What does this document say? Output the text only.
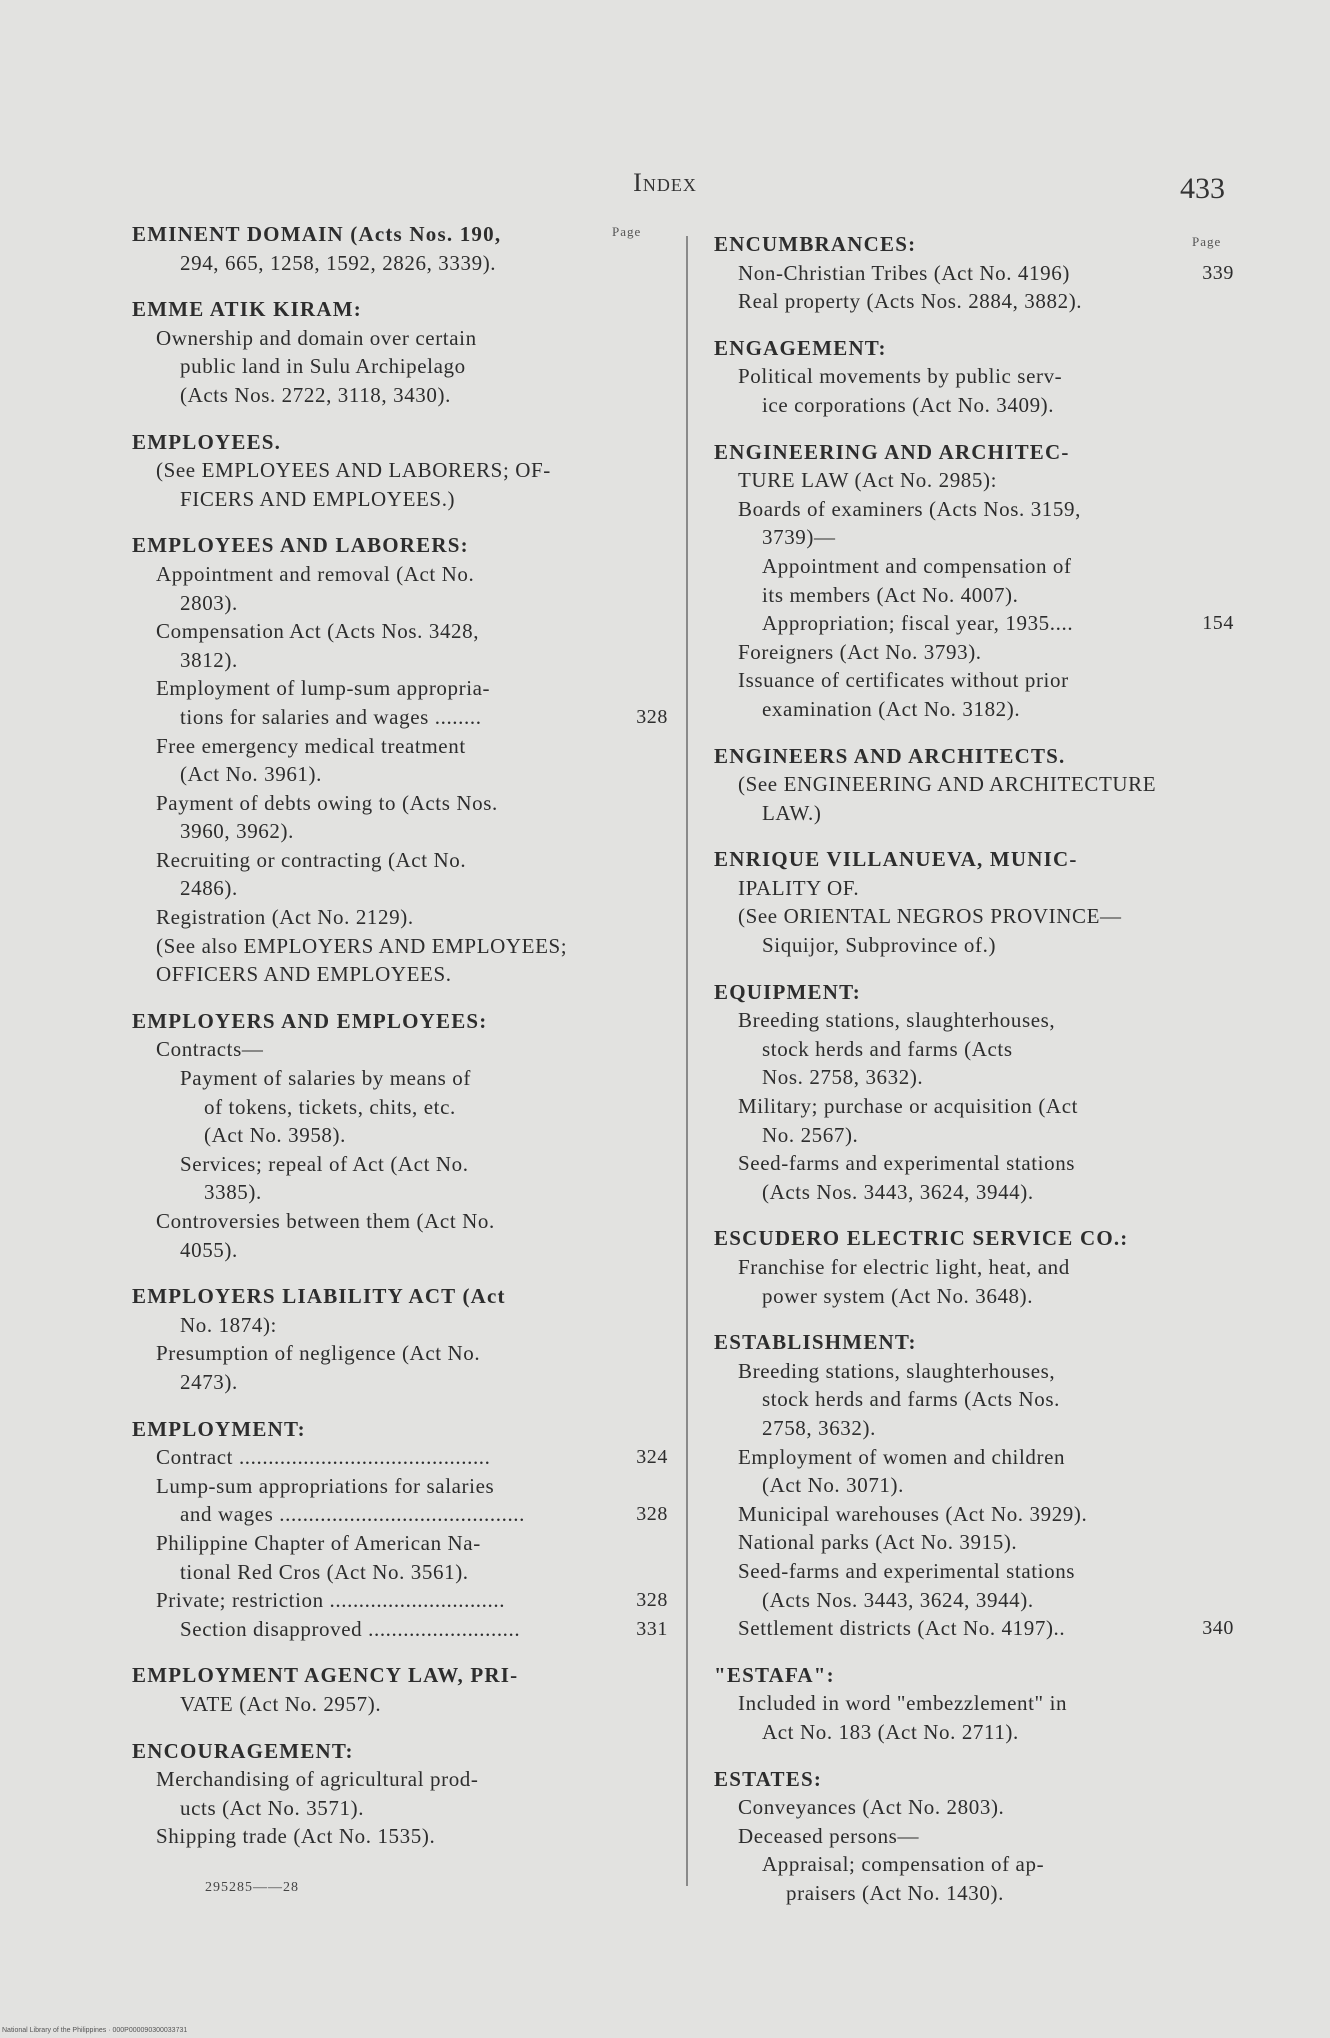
Index	433
Page
Page
EMINENT DOMAIN (Acts Nos. 190,
294, 665, 1258, 1592, 2826, 3339).
EMME ATIK KIRAM:
Ownership and domain over certain
public land in Sulu Archipelago
(Acts Nos. 2722, 3118, 3430).
EMPLOYEES.
(See EMPLOYEES AND LABORERS; OF-
FICERS AND EMPLOYEES.)
EMPLOYEES AND LABORERS:
Appointment and removal (Act No.
2803).
Compensation Act (Acts Nos. 3428,
3812).
Employment of lump-sum appropria-
tions for salaries and wages ........	328
Free emergency medical treatment
(Act No. 3961).
Payment of debts owing to (Acts Nos.
3960, 3962).
Recruiting or contracting (Act No.
2486).
Registration (Act No. 2129).
(See also EMPLOYERS AND EMPLOYEES;
OFFICERS AND EMPLOYEES.
EMPLOYERS AND EMPLOYEES:
Contracts—
Payment of salaries by means of
of tokens, tickets, chits, etc.
(Act No. 3958).
Services; repeal of Act (Act No.
3385).
Controversies between them (Act No.
4055).
EMPLOYERS LIABILITY ACT (Act
No. 1874):
Presumption of negligence (Act No.
2473).
EMPLOYMENT:
Contract ...........................................	324
Lump-sum appropriations for salaries
and wages ..........................................	328
Philippine Chapter of American Na-
tional Red Cros (Act No. 3561).
Private; restriction ..............................	328
Section disapproved ..........................	331
EMPLOYMENT AGENCY LAW, PRI-
VATE (Act No. 2957).
ENCOURAGEMENT:
Merchandising of agricultural prod-
ucts (Act No. 3571).
Shipping trade (Act No. 1535).
ENCUMBRANCES:
Non-Christian Tribes (Act No. 4196)	339
Real property (Acts Nos. 2884, 3882).
ENGAGEMENT:
Political movements by public serv-
ice corporations (Act No. 3409).
ENGINEERING AND ARCHITEC-
TURE LAW (Act No. 2985):
Boards of examiners (Acts Nos. 3159,
3739)—
Appointment and compensation of
its members (Act No. 4007).
Appropriation; fiscal year, 1935....	154
Foreigners (Act No. 3793).
Issuance of certificates without prior
examination (Act No. 3182).
ENGINEERS AND ARCHITECTS.
(See ENGINEERING AND ARCHITECTURE
LAW.)
ENRIQUE VILLANUEVA, MUNIC-
IPALITY OF.
(See ORIENTAL NEGROS PROVINCE—
Siquijor, Subprovince of.)
EQUIPMENT:
Breeding stations, slaughterhouses,
stock herds and farms (Acts
Nos. 2758, 3632).
Military; purchase or acquisition (Act
No. 2567).
Seed-farms and experimental stations
(Acts Nos. 3443, 3624, 3944).
ESCUDERO ELECTRIC SERVICE CO.:
Franchise for electric light, heat, and
power system (Act No. 3648).
ESTABLISHMENT:
Breeding stations, slaughterhouses,
stock herds and farms (Acts Nos.
2758, 3632).
Employment of women and children
(Act No. 3071).
Municipal warehouses (Act No. 3929).
National parks (Act No. 3915).
Seed-farms and experimental stations
(Acts Nos. 3443, 3624, 3944).
Settlement districts (Act No. 4197)..	340
"ESTAFA":
Included in word "embezzlement" in
Act No. 183 (Act No. 2711).
ESTATES:
Conveyances (Act No. 2803).
Deceased persons—
Appraisal; compensation of ap-
praisers (Act No. 1430).
295285——28
National Library of the Philippines · 000P000090300033731
